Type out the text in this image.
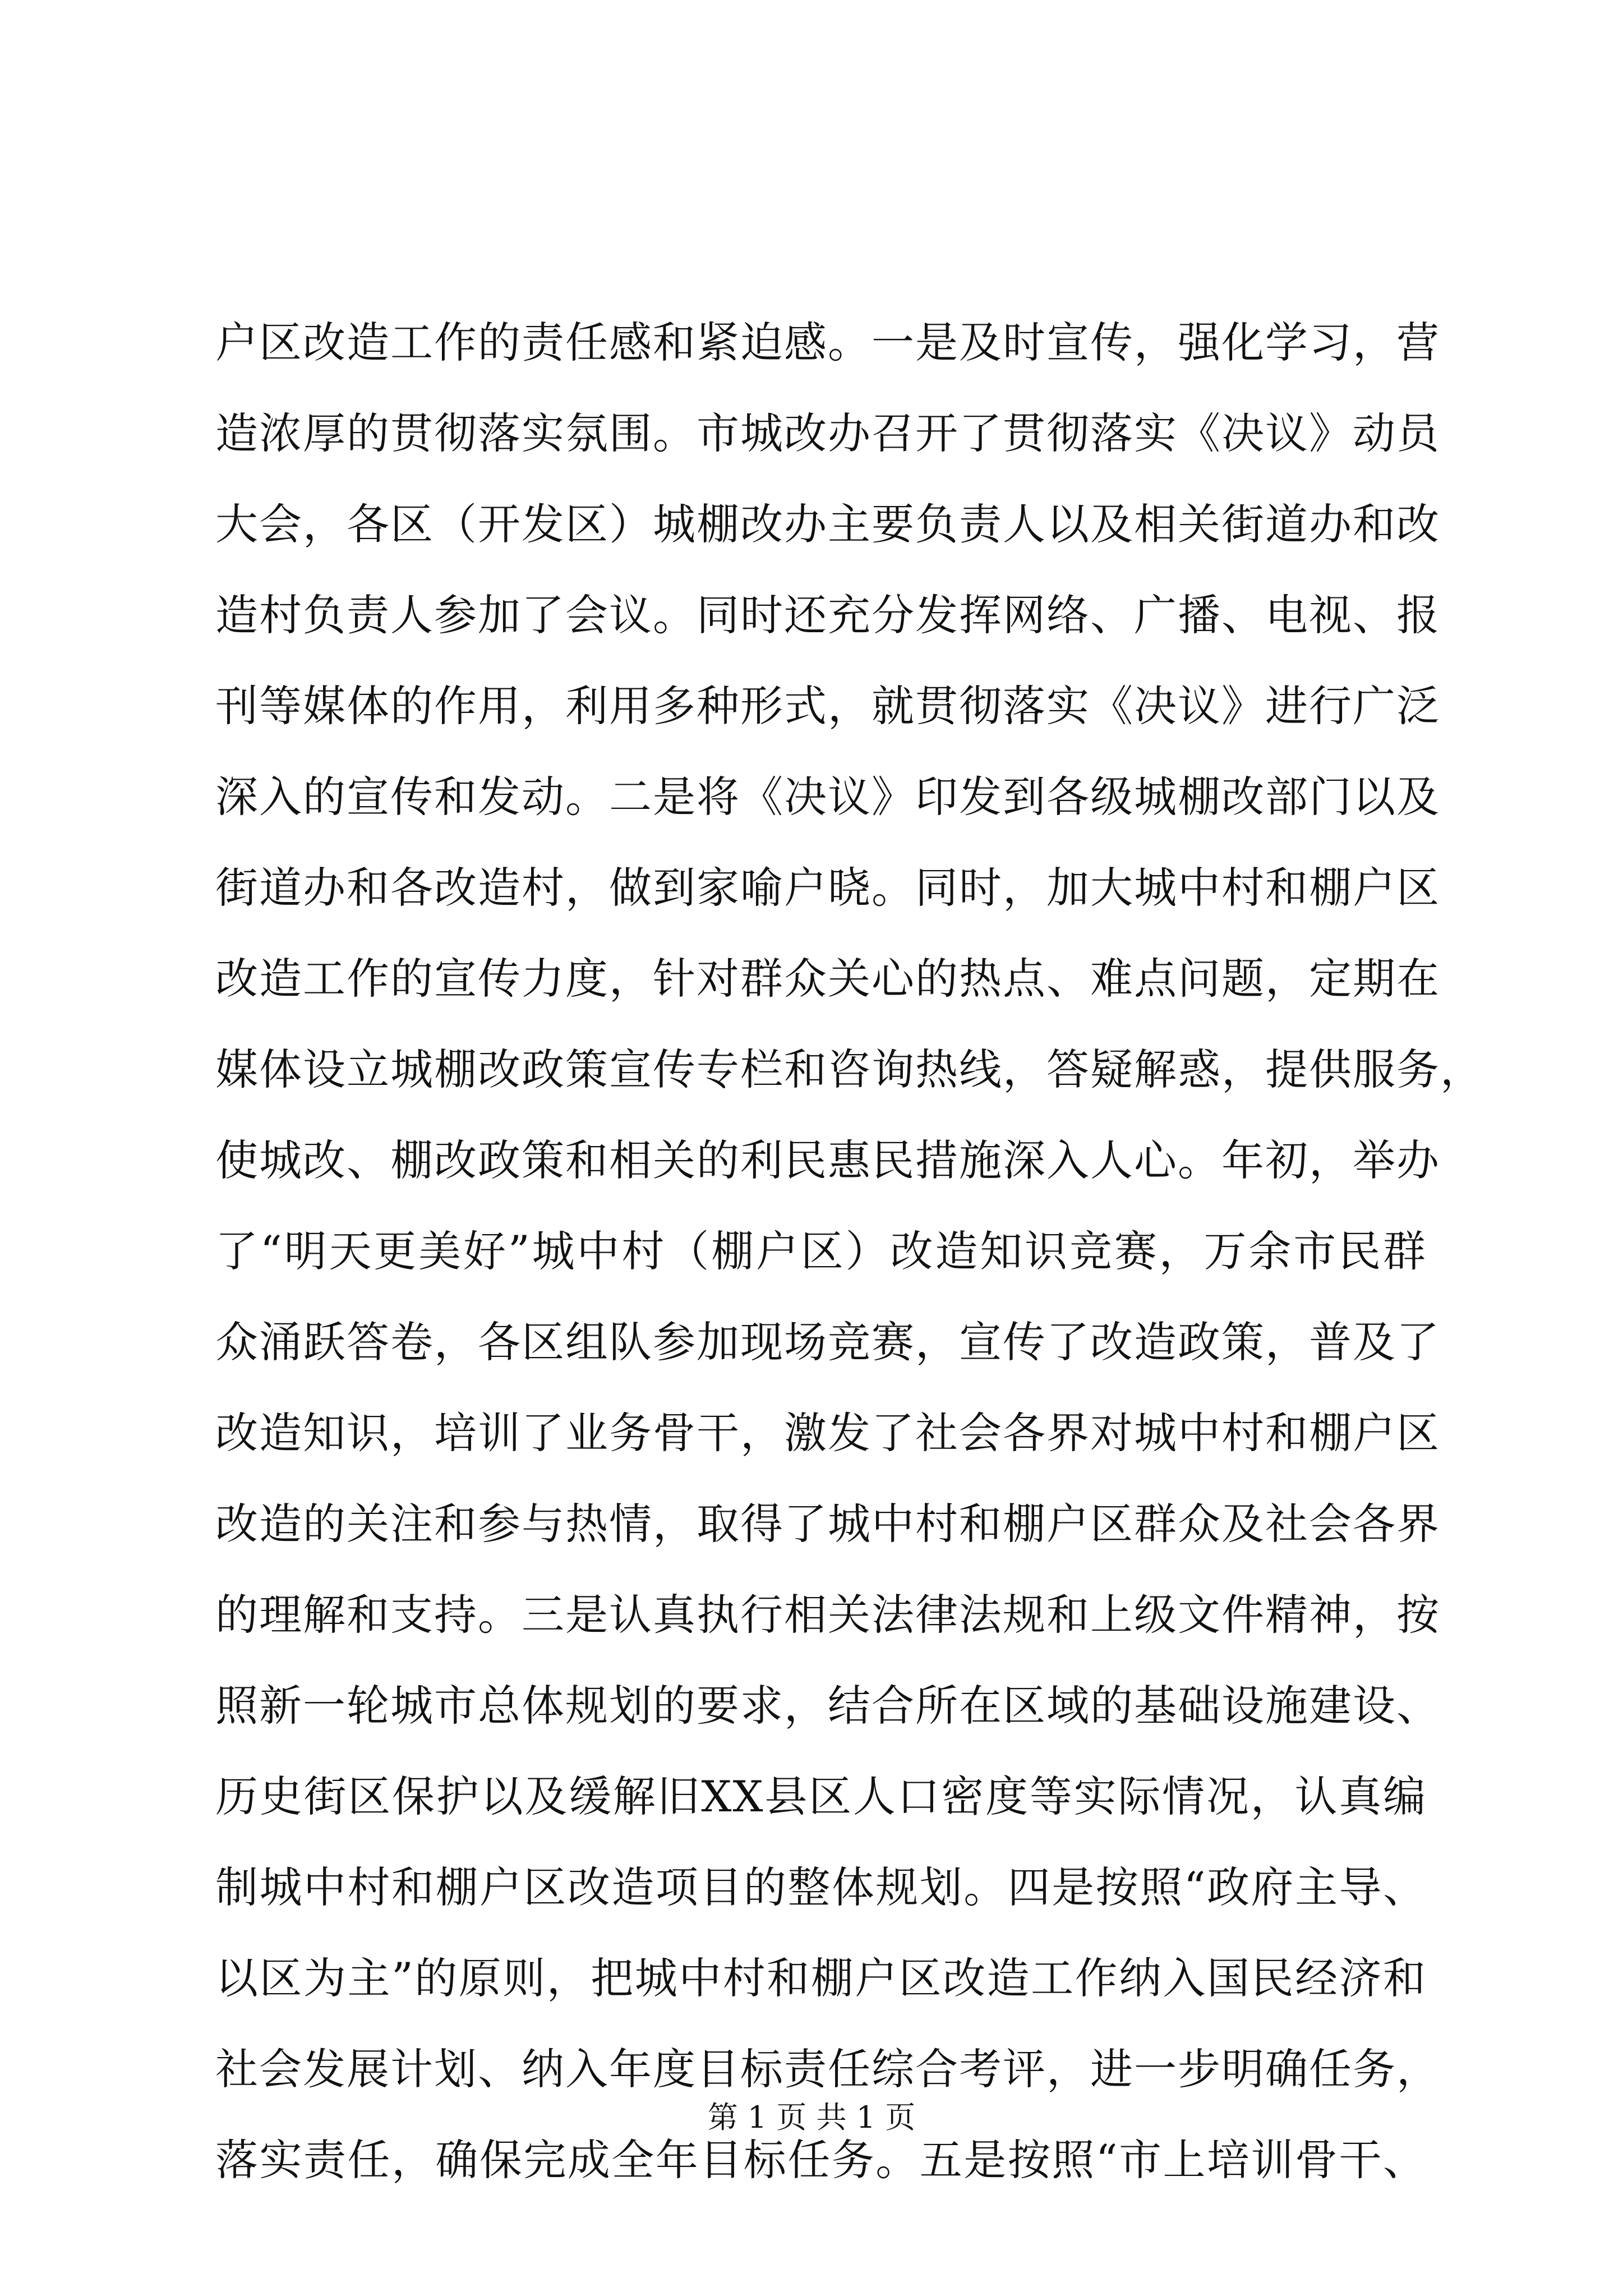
户区改造工作的责任感和紧迫感。一是及时宣传，强化学习，营
造浓厚的贯彻落实氛围。市城改办召开了贯彻落实《决议》动员
大会，各区（开发区）城棚改办主要负责人以及相关街道办和改
造村负责人参加了会议。同时还充分发挥网络、广播、电视、报
刊等媒体的作用，利用多种形式，就贯彻落实《决议》进行广泛
深入的宣传和发动。二是将《决议》印发到各级城棚改部门以及
街道办和各改造村，做到家喻户晓。同时，加大城中村和棚户区
改造工作的宣传力度，针对群众关心的热点、难点问题，定期在
媒体设立城棚改政策宣传专栏和咨询热线，答疑解惑，提供服务，
使城改、棚改政策和相关的利民惠民措施深入人心。年初，举办
了“明天更美好”城中村（棚户区）改造知识竞赛，万余市民群
众涌跃答卷，各区组队参加现场竞赛，宣传了改造政策，普及了
改造知识，培训了业务骨干，激发了社会各界对城中村和棚户区
改造的关注和参与热情，取得了城中村和棚户区群众及社会各界
的理解和支持。三是认真执行相关法律法规和上级文件精神，按
照新一轮城市总体规划的要求，结合所在区域的基础设施建设、
历史街区保护以及缓解旧XX县区人口密度等实际情况，认真编
制城中村和棚户区改造项目的整体规划。四是按照“政府主导、
以区为主”的原则，把城中村和棚户区改造工作纳入国民经济和
社会发展计划、纳入年度目标责任综合考评，进一步明确任务，
落实责任，确保完成全年目标任务。五是按照“市上培训骨干、
第 1 页 共 1 页
